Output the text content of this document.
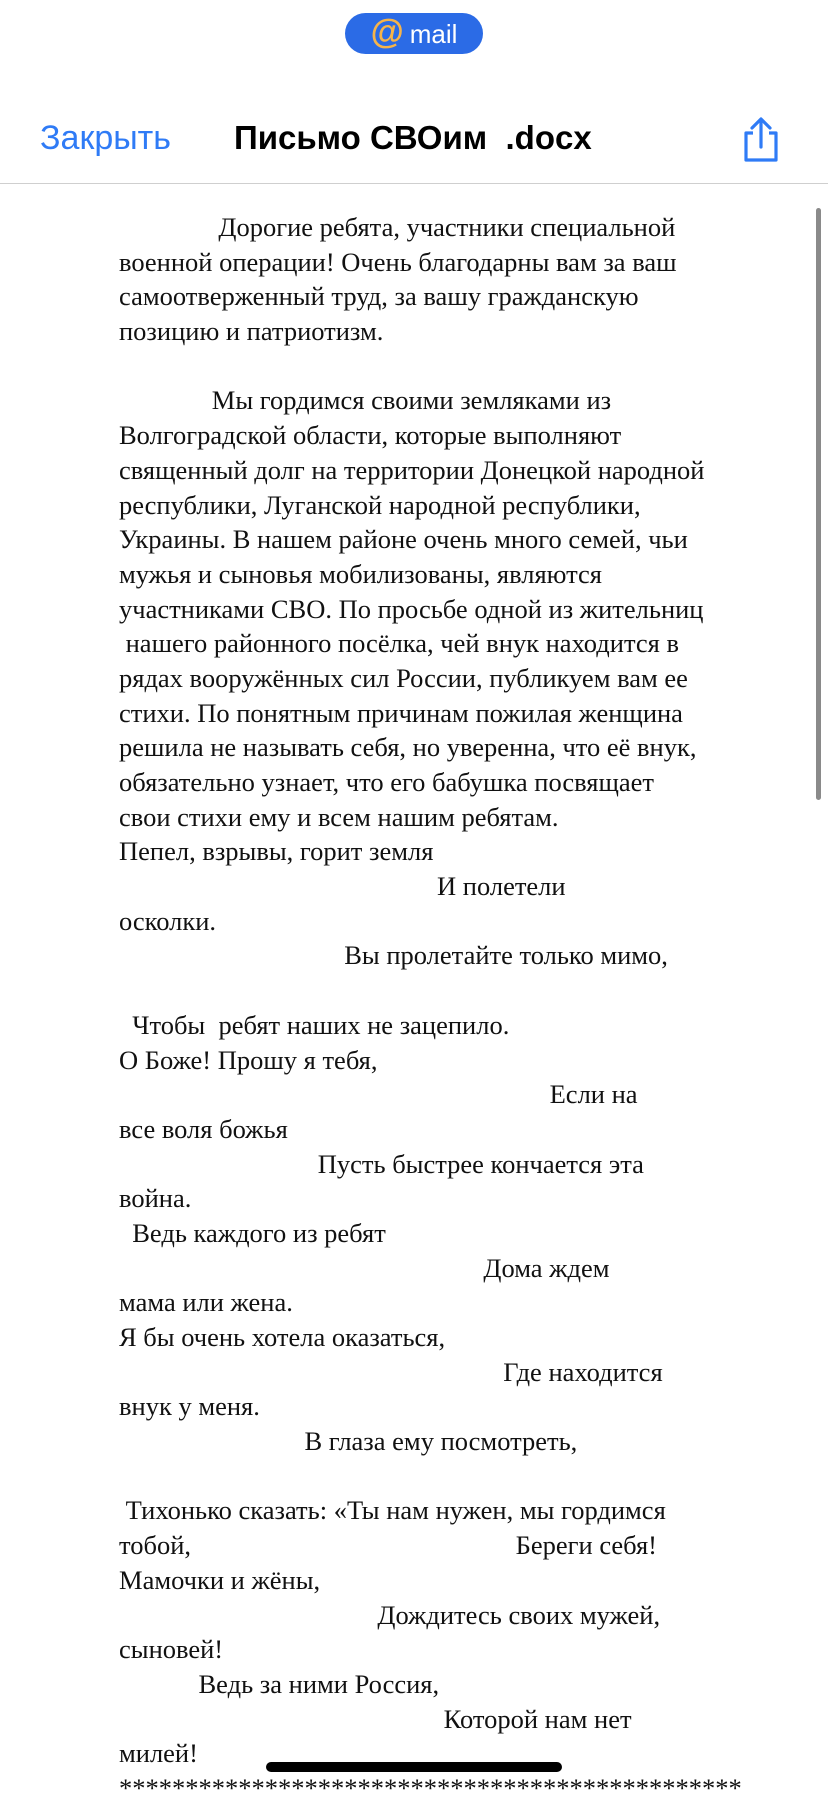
@ mail
Закрыть Письмо СВОим  .docx
Дорогие ребята, участники специальной
военной операции! Очень благодарны вам за ваш
самоотверженный труд, за вашу гражданскую
позицию и патриотизм.
Мы гордимся своими земляками из
Волгоградской области, которые выполняют
священный долг на территории Донецкой народной
республики, Луганской народной республики,
Украины. В нашем районе очень много семей, чьи
мужья и сыновья мобилизованы, являются
участниками СВО. По просьбе одной из жительниц
нашего районного посёлка, чей внук находится в
рядах вооружённых сил России, публикуем вам ее
стихи. По понятным причинам пожилая женщина
решила не называть себя, но уверенна, что её внук,
обязательно узнает, что его бабушка посвящает
свои стихи ему и всем нашим ребятам.
Пепел, взрывы, горит земля
И полетели
осколки.
Вы пролетайте только мимо,
Чтобы  ребят наших не зацепило.
О Боже! Прошу я тебя,
Если на
все воля божья
Пусть быстрее кончается эта
война.
Ведь каждого из ребят
Дома ждем
мама или жена.
Я бы очень хотела оказаться,
Где находится
внук у меня.
В глаза ему посмотреть,
Тихонько сказать: «Ты нам нужен, мы гордимся
тобой,                                                 Береги себя!
Мамочки и жёны,
Дождитесь своих мужей,
сыновей!
Ведь за ними Россия,
Которой нам нет
милей!
***********************************************
